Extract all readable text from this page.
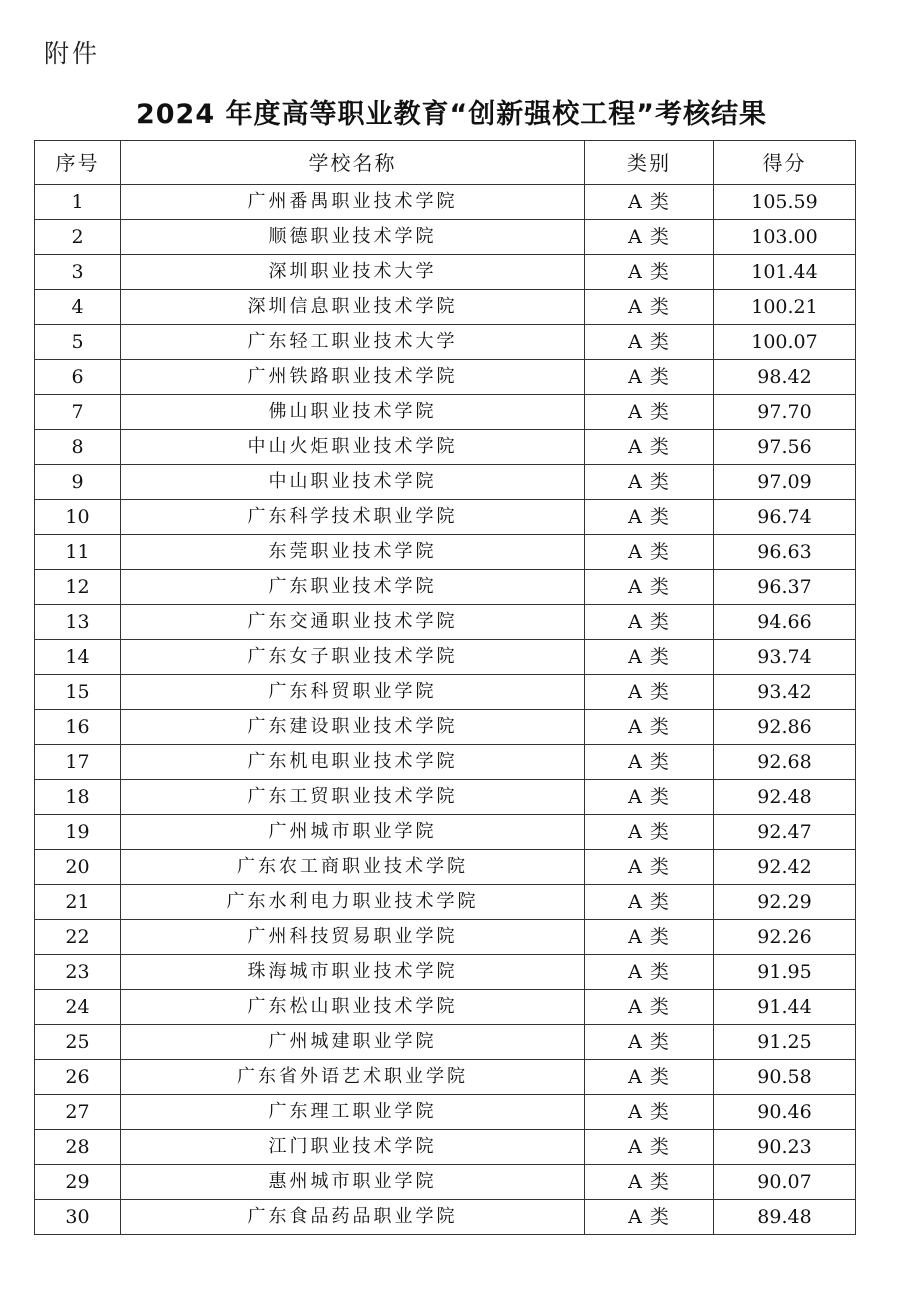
附件
2024 年度高等职业教育“创新强校工程”考核结果
序号	学校名称	类别	得分
1	广州番禺职业技术学院	A 类	105.59
2	顺德职业技术学院	A 类	103.00
3	深圳职业技术大学	A 类	101.44
4	深圳信息职业技术学院	A 类	100.21
5	广东轻工职业技术大学	A 类	100.07
6	广州铁路职业技术学院	A 类	98.42
7	佛山职业技术学院	A 类	97.70
8	中山火炬职业技术学院	A 类	97.56
9	中山职业技术学院	A 类	97.09
10	广东科学技术职业学院	A 类	96.74
11	东莞职业技术学院	A 类	96.63
12	广东职业技术学院	A 类	96.37
13	广东交通职业技术学院	A 类	94.66
14	广东女子职业技术学院	A 类	93.74
15	广东科贸职业学院	A 类	93.42
16	广东建设职业技术学院	A 类	92.86
17	广东机电职业技术学院	A 类	92.68
18	广东工贸职业技术学院	A 类	92.48
19	广州城市职业学院	A 类	92.47
20	广东农工商职业技术学院	A 类	92.42
21	广东水利电力职业技术学院	A 类	92.29
22	广州科技贸易职业学院	A 类	92.26
23	珠海城市职业技术学院	A 类	91.95
24	广东松山职业技术学院	A 类	91.44
25	广州城建职业学院	A 类	91.25
26	广东省外语艺术职业学院	A 类	90.58
27	广东理工职业学院	A 类	90.46
28	江门职业技术学院	A 类	90.23
29	惠州城市职业学院	A 类	90.07
30	广东食品药品职业学院	A 类	89.48
